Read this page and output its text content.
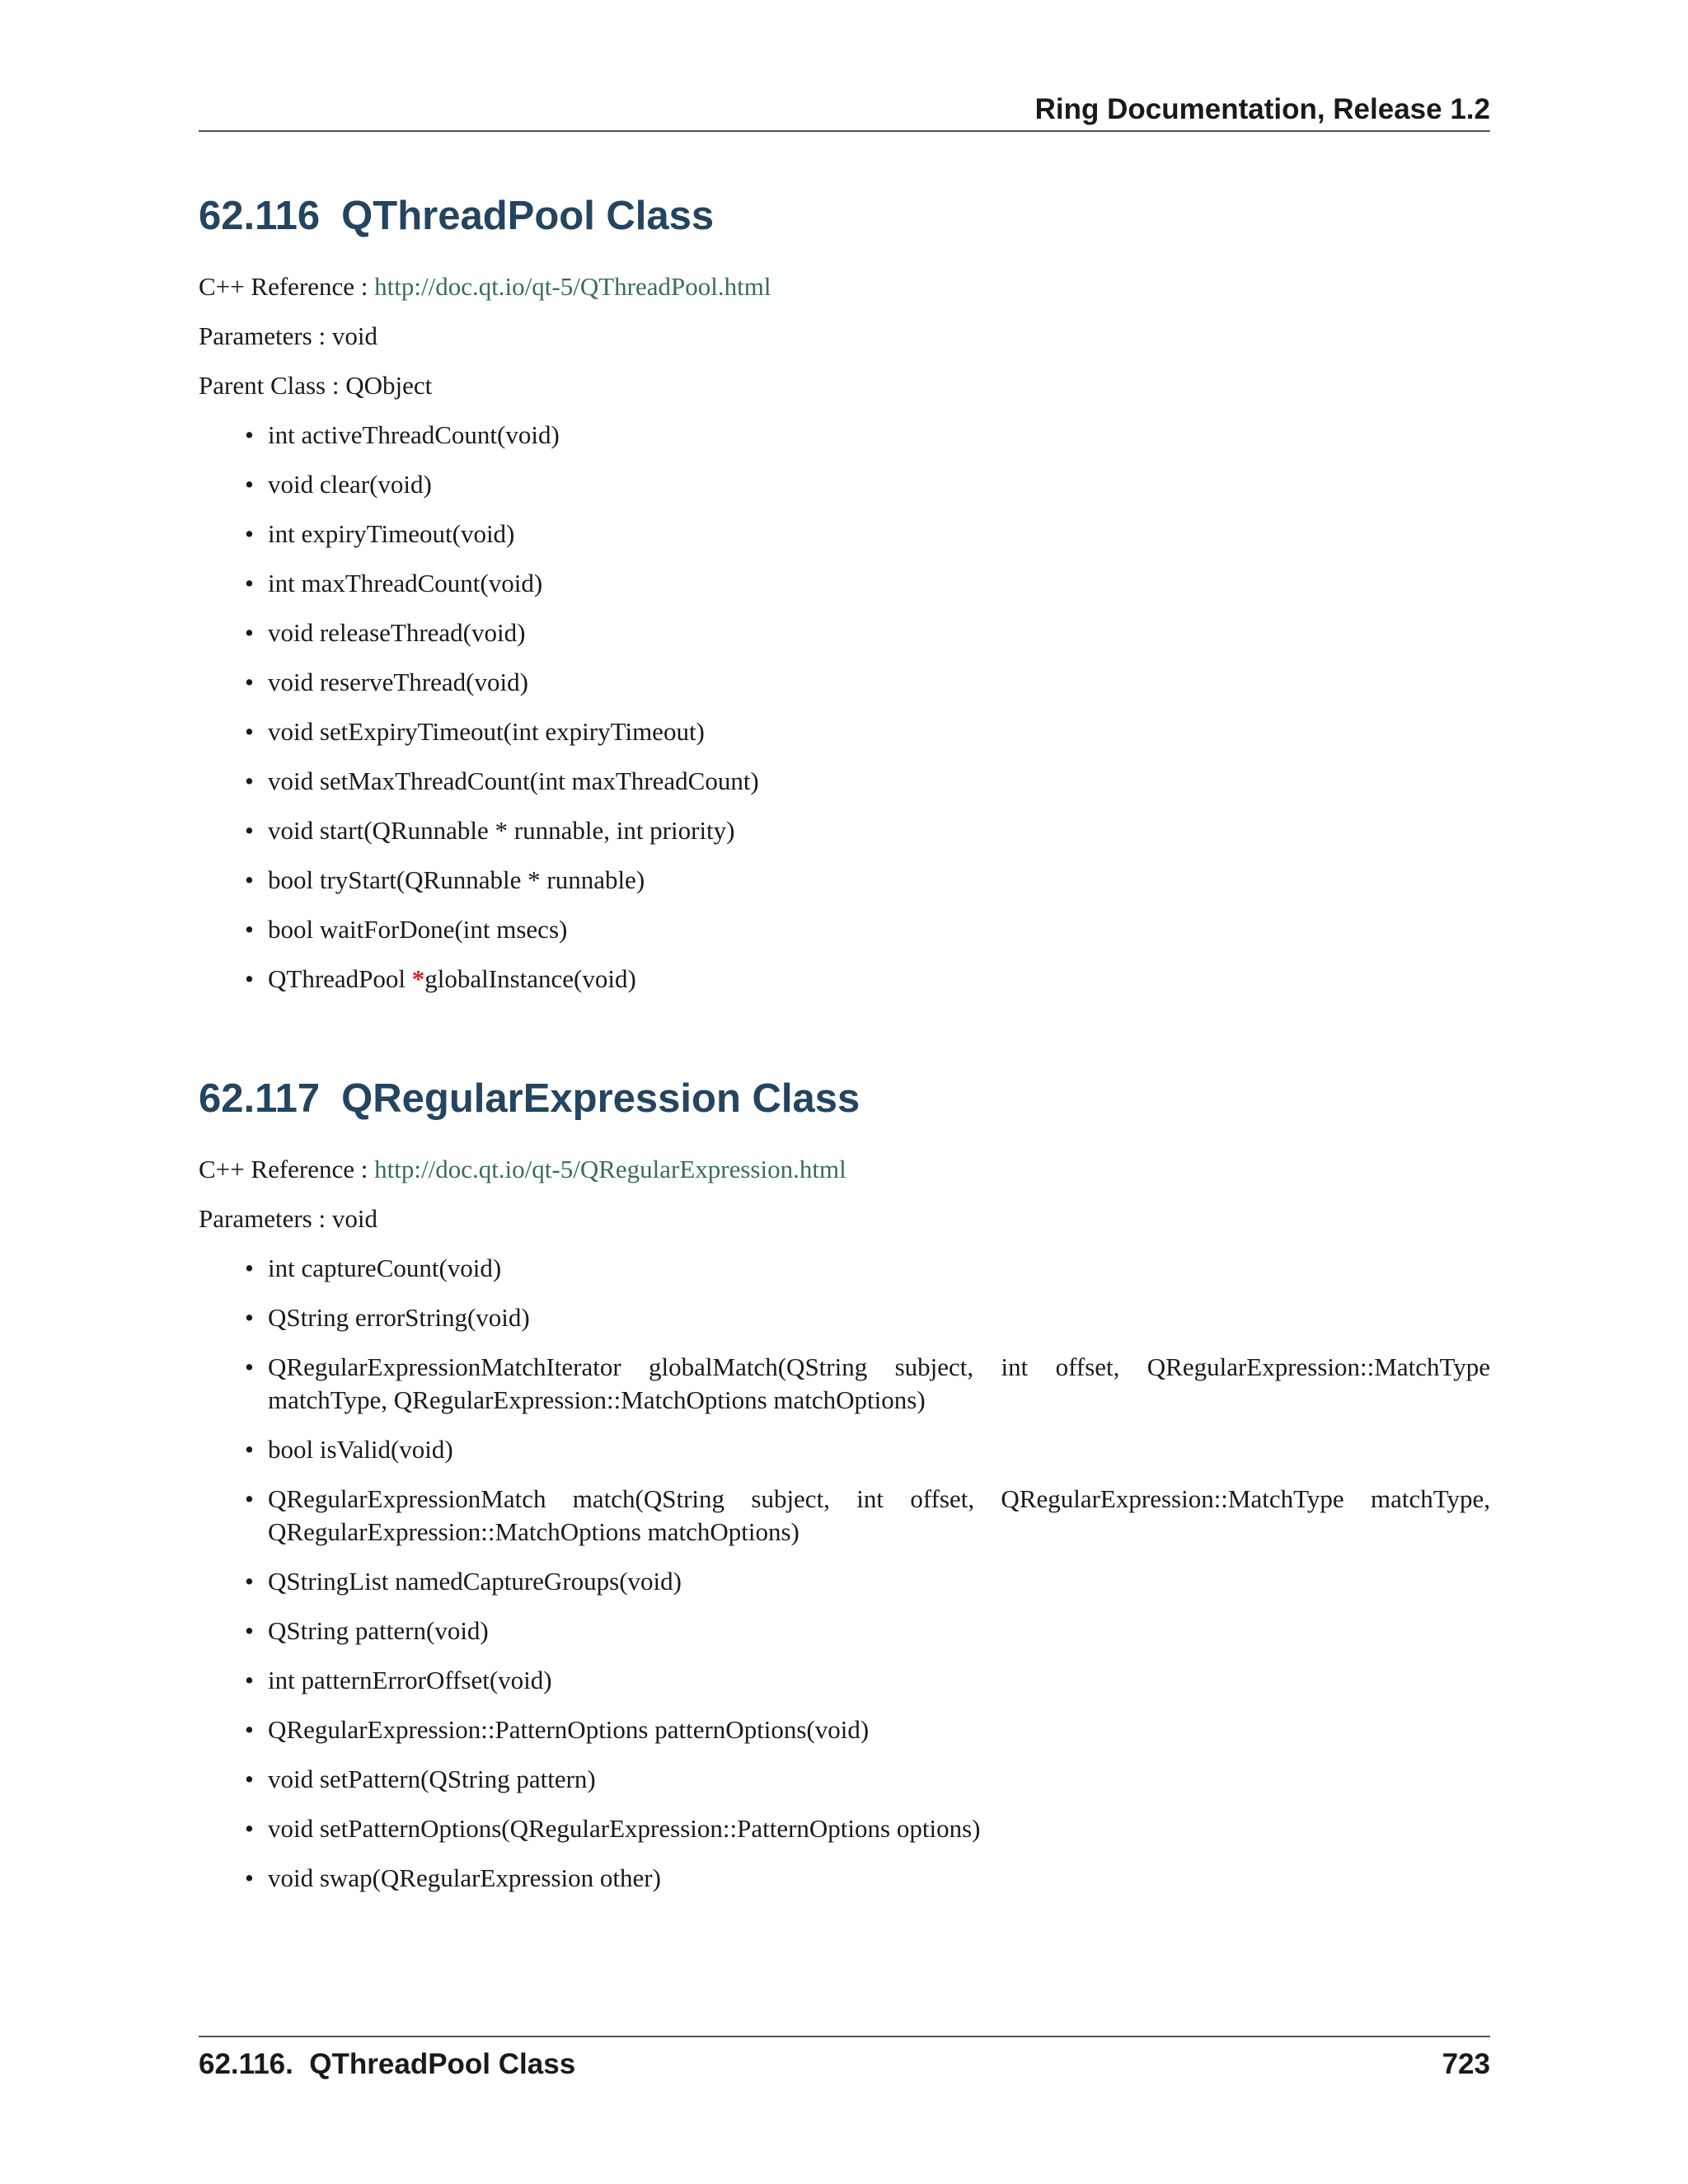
Ring Documentation, Release 1.2
62.116 QThreadPool Class

C++ Reference : http://doc.qt.io/qt-5/QThreadPool.html

Parameters : void

Parent Class : QObject

• int activeThreadCount(void)
• void clear(void)
• int expiryTimeout(void)
• int maxThreadCount(void)
• void releaseThread(void)
• void reserveThread(void)
• void setExpiryTimeout(int expiryTimeout)
• void setMaxThreadCount(int maxThreadCount)
• void start(QRunnable * runnable, int priority)
• bool tryStart(QRunnable * runnable)
• bool waitForDone(int msecs)
• QThreadPool *globalInstance(void)
62.117 QRegularExpression Class

C++ Reference : http://doc.qt.io/qt-5/QRegularExpression.html

Parameters : void

• int captureCount(void)
• QString errorString(void)
• QRegularExpressionMatchIterator globalMatch(QString subject, int offset, QRegularExpression::MatchType matchType, QRegularExpression::MatchOptions matchOptions)
• bool isValid(void)
• QRegularExpressionMatch match(QString subject, int offset, QRegularExpression::MatchType matchType, QRegularExpression::MatchOptions matchOptions)
• QStringList namedCaptureGroups(void)
• QString pattern(void)
• int patternErrorOffset(void)
• QRegularExpression::PatternOptions patternOptions(void)
• void setPattern(QString pattern)
• void setPatternOptions(QRegularExpression::PatternOptions options)
• void swap(QRegularExpression other)
62.116.  QThreadPool Class	723
